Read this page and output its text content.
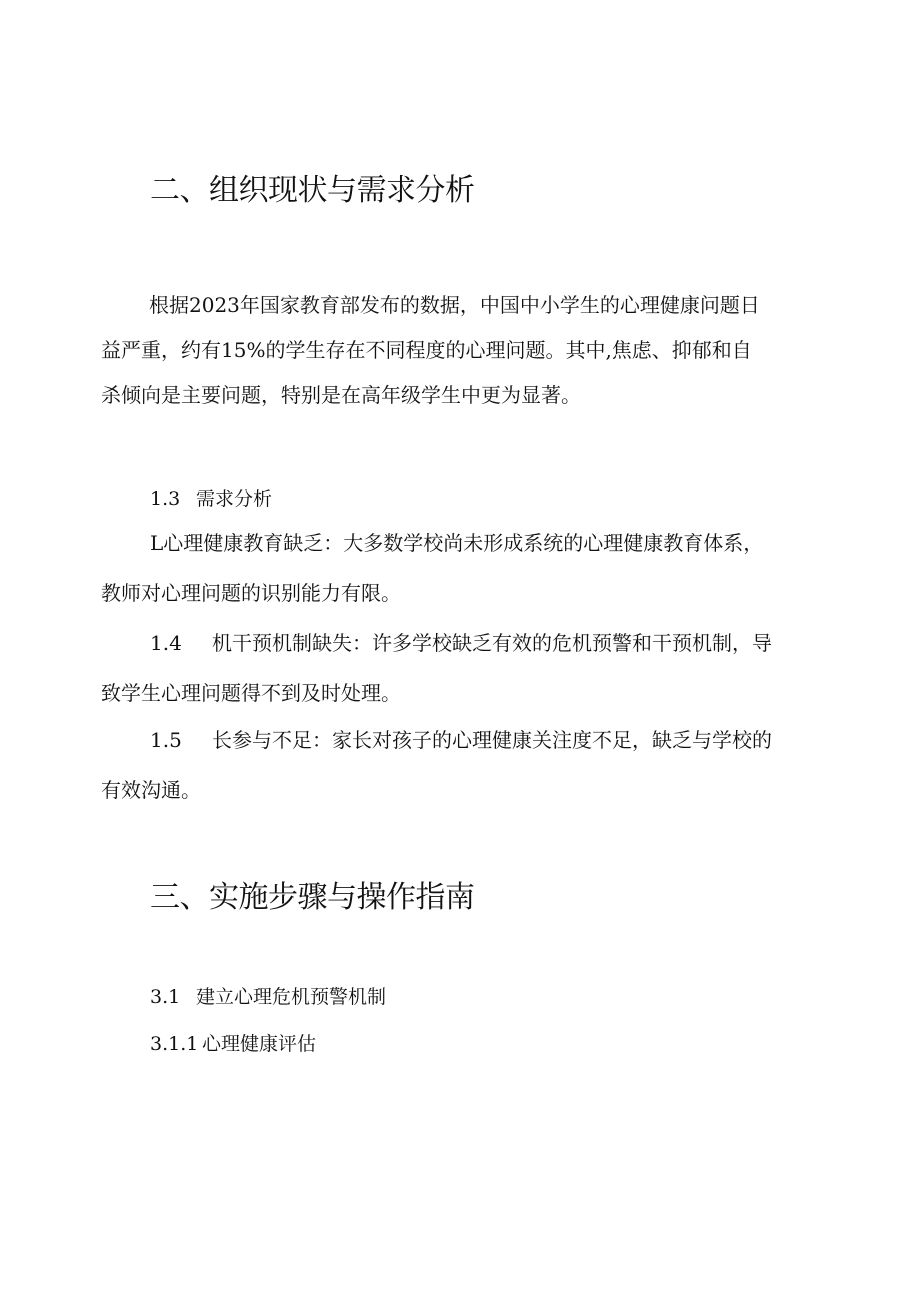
二、组织现状与需求分析
根据2023年国家教育部发布的数据，中国中小学生的心理健康问题日
益严重，约有15%的学生存在不同程度的心理问题。其中,焦虑、抑郁和自
杀倾向是主要问题，特别是在高年级学生中更为显著。
1.3 需求分析
L心理健康教育缺乏：大多数学校尚未形成系统的心理健康教育体系，
教师对心理问题的识别能力有限。
1.4 机干预机制缺失：许多学校缺乏有效的危机预警和干预机制，导
致学生心理问题得不到及时处理。
1.5 长参与不足：家长对孩子的心理健康关注度不足，缺乏与学校的
有效沟通。
三、实施步骤与操作指南
3.1 建立心理危机预警机制
3.1.1 心理健康评估
